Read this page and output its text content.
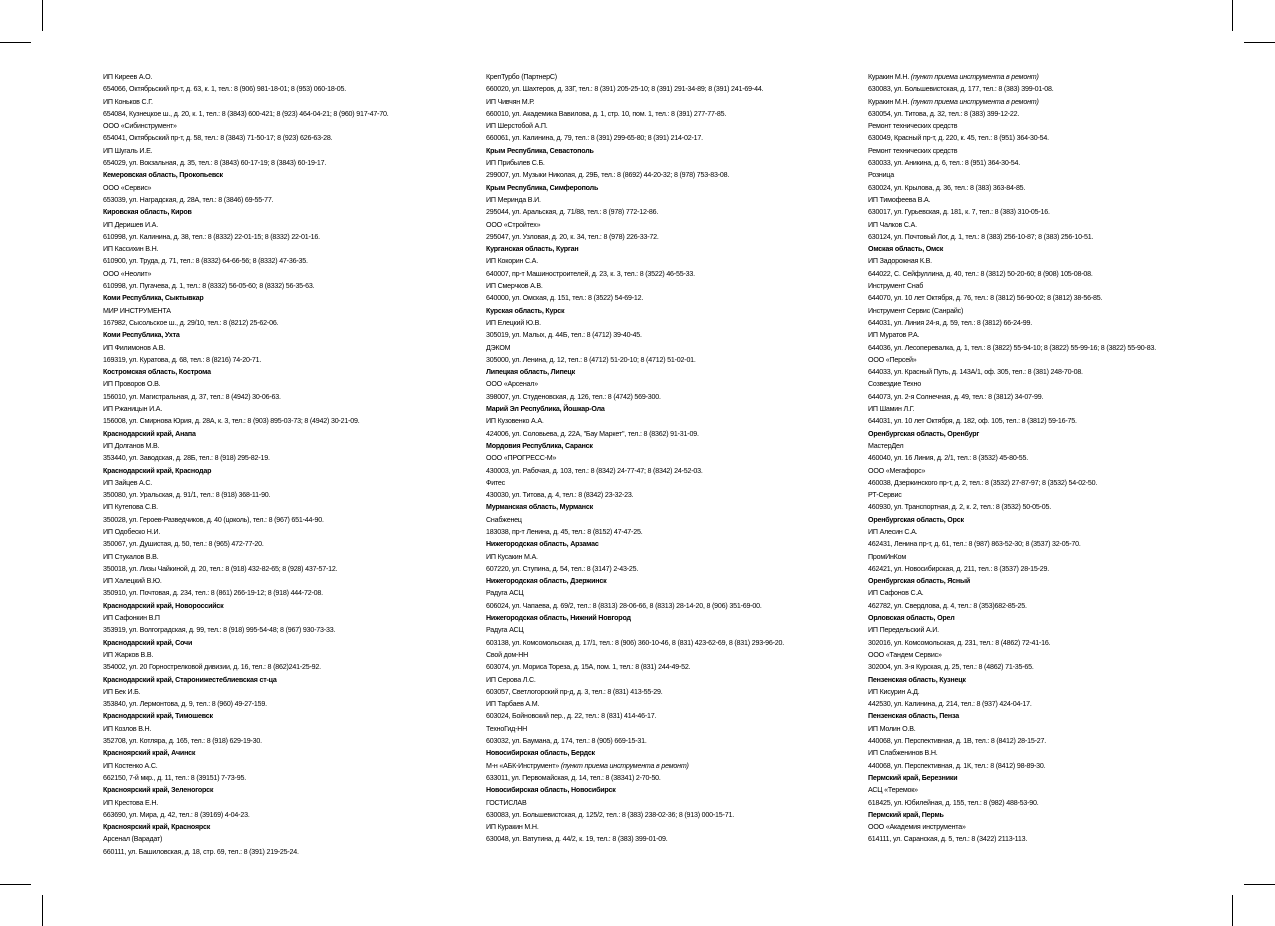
ИП Киреев А.О.
654066, Октябрьский пр-т, д. 63, к. 1, тел.: 8 (906) 981-18-01; 8 (953) 060-18-05.
ИП Коньков С.Г.
654084, Кузнецкое ш., д. 20, к. 1, тел.: 8 (3843) 600-421; 8 (923) 464-04-21; 8 (960) 917-47-70.
ООО «Сибинструмент»
654041, Октябрьский пр-т, д. 58, тел.: 8 (3843) 71-50-17; 8 (923) 626-63-28.
ИП Шугаль И.Е.
654029, ул. Вокзальная, д. 35, тел.: 8 (3843) 60-17-19; 8 (3843) 60-19-17.
Кемеровская область, Прокопьевск
ООО «Сервис»
653039, ул. Наградская, д. 28А, тел.: 8 (3846) 69-55-77.
Кировская область, Киров
ИП Деришев И.А.
610998, ул. Калинина, д. 38, тел.: 8 (8332) 22-01-15; 8 (8332) 22-01-16.
ИП Кассихин В.Н.
610900, ул. Труда, д. 71, тел.: 8 (8332) 64-66-56; 8 (8332) 47-36-35.
ООО «Неолит»
610998, ул. Пугачева, д. 1, тел.: 8 (8332) 56-05-60; 8 (8332) 56-35-63.
Коми Республика, Сыктывкар
МИР ИНСТРУМЕНТА
167982, Сысольское ш., д. 29/10, тел.: 8 (8212) 25-62-06.
Коми Республика, Ухта
ИП Филимонов А.В.
169319, ул. Куратова, д. 68, тел.: 8 (8216) 74-20-71.
Костромская область, Кострома
ИП Проворов О.В.
156010, ул. Магистральная, д. 37, тел.: 8 (4942) 30-06-63.
ИП Ржаницын И.А.
156008, ул. Смирнова Юрия, д. 28А, к. 3, тел.: 8 (903) 895-03-73; 8 (4942) 30-21-09.
Краснодарский край, Анапа
ИП Долганов М.В.
353440, ул. Заводская, д. 28Б, тел.: 8 (918) 295-82-19.
Краснодарский край, Краснодар
ИП Зайцев А.С.
350080, ул. Уральская, д. 91/1, тел.: 8 (918) 368-11-90.
ИП Кутепова С.В.
350028, ул. Героев-Разведчиков, д. 40 (цоколь), тел.: 8 (967) 651-44-90.
ИП Одобеско Н.И.
350067, ул. Душистая, д. 50, тел.: 8 (965) 472-77-20.
ИП Стукалов В.В.
350018, ул. Лизы Чайкиной, д. 20, тел.: 8 (918) 432-82-65; 8 (928) 437-57-12.
ИП Халецкий В.Ю.
350910, ул. Почтовая, д. 234, тел.: 8 (861) 266-19-12; 8 (918) 444-72-08.
Краснодарский край, Новороссийск
ИП Сафонкин В.П
353919, ул. Волгоградская, д. 99, тел.: 8 (918) 995-54-48; 8 (967) 930-73-33.
Краснодарский край, Сочи
ИП Жарков В.В.
354002, ул. 20 Горнострелковой дивизии, д. 16, тел.: 8 (862)241-25-92.
Краснодарский край, Старонижестеблиевская ст-ца
ИП Бек И.Б.
353840, ул. Лермонтова, д. 9, тел.: 8 (960) 49-27-159.
Краснодарский край, Тимошевск
ИП Козлов В.Н.
352708, ул. Котляра, д. 165, тел.: 8 (918) 629-19-30.
Красноярский край, Ачинск
ИП Костенко А.С.
662150, 7-й мкр., д. 11, тел.: 8 (39151) 7-73-95.
Красноярский край, Зеленогорск
ИП Крестова Е.Н.
663690, ул. Мира, д. 42, тел.: 8 (39169) 4-04-23.
Красноярский край, Красноярск
Арсенал (Варадат)
660111, ул. Башиловская, д. 18, стр. 69, тел.: 8 (391) 219-25-24.
КрепТурбо (ПартнерС)
660020, ул. Шахтеров, д. 33Г, тел.: 8 (391) 205-25-10; 8 (391) 291-34-89; 8 (391) 241-69-44.
ИП Чивчян М.Р.
660010, ул. Академика Вавилова, д. 1, стр. 10, пом. 1, тел.: 8 (391) 277-77-85.
ИП Шерстобой А.П.
660061, ул. Калинина, д. 79, тел.: 8 (391) 299-65-80; 8 (391) 214-02-17.
Крым Республика, Севастополь
ИП Прибылев С.Б.
299007, ул. Музыки Николая, д. 29Б, тел.: 8 (8692) 44-20-32; 8 (978) 753-83-08.
Крым Республика, Симферополь
ИП Меринда В.И.
295044, ул. Аральская, д. 71/88, тел.: 8 (978) 772-12-86.
ООО «Стройтех»
295047, ул. Узловая, д. 20, к. 34, тел.: 8 (978) 226-33-72.
Курганская область, Курган
ИП Кокорин С.А.
640007, пр-т Машиностроителей, д. 23, к. 3, тел.: 8 (3522) 46-55-33.
ИП Смерчков А.В.
640000, ул. Омская, д. 151, тел.: 8 (3522) 54-69-12.
Курская область, Курск
ИП Елецкий Ю.В.
305019, ул. Малых, д. 44Б, тел.: 8 (4712) 39-40-45.
ДЭКОМ
305000, ул. Ленина, д. 12, тел.: 8 (4712) 51-20-10; 8 (4712) 51-02-01.
Липецкая область, Липецк
ООО «Арсенал»
398007, ул. Студеновская, д. 126, тел.: 8 (4742) 569-300.
Марий Эл Республика, Йошкар-Ола
ИП Кузовенко А.А.
424006, ул. Соловьева, д. 22А, "Бау Маркет", тел.: 8 (8362) 91-31-09.
Мордовия Республика, Саранск
ООО «ПРОГРЕСС-М»
430003, ул. Рабочая, д. 103, тел.: 8 (8342) 24-77-47; 8 (8342) 24-52-03.
Фитес
430030, ул. Титова, д. 4, тел.: 8 (8342) 23-32-23.
Мурманская область, Мурманск
Снабженец
183038, пр-т Ленина, д. 45, тел.: 8 (8152) 47-47-25.
Нижегородская область, Арзамас
ИП Кусакин М.А.
607220, ул. Ступина, д. 54, тел.: 8 (3147) 2-43-25.
Нижегородская область, Дзержинск
Радуга АСЦ
606024, ул. Чапаева, д. 69/2, тел.: 8 (8313) 28-06-66, 8 (8313) 28-14-20, 8 (906) 351-69-00.
Нижегородская область, Нижний Новгород
Радуга АСЦ
603138, ул. Комсомольская, д. 17/1, тел.: 8 (906) 360-10-46, 8 (831) 423-62-69, 8 (831) 293-96-20.
Свой дом-НН
603074, ул. Мориса Тореза, д. 15А, пом. 1, тел.: 8 (831) 244-49-52.
ИП Серова Л.С.
603057, Светлогорский пр-д, д. 3, тел.: 8 (831) 413-55-29.
ИП Тарбаев А.М.
603024, Бойновский пер., д. 22, тел.: 8 (831) 414-46-17.
ТехноГид-НН
603032, ул. Баумана, д. 174, тел.: 8 (905) 669-15-31.
Новосибирская область, Бердск
М-н «АБК-Инструмент» (пункт приема инструмента в ремонт)
633011, ул. Первомайская, д. 14, тел.: 8 (38341) 2-70-50.
Новосибирская область, Новосибирск
ГОСТИСЛАВ
630083, ул. Большевистская, д. 125/2, тел.: 8 (383) 238-02-36; 8 (913) 000-15-71.
ИП Куракин М.Н.
630048, ул. Ватутина, д. 44/2, к. 19, тел.: 8 (383) 399-01-09.
Куракин М.Н. (пункт приема инструмента в ремонт)
630083, ул. Большевистская, д. 177, тел.: 8 (383) 399-01-08.
Куракин М.Н. (пункт приема инструмента в ремонт)
630054, ул. Титова, д. 32, тел.: 8 (383) 399-12-22.
Ремонт технических средств
630049, Красный пр-т, д. 220, к. 45, тел.: 8 (951) 364-30-54.
Ремонт технических средств
630033, ул. Аникина, д. 6, тел.: 8 (951) 364-30-54.
Розница
630024, ул. Крылова, д. 36, тел.: 8 (383) 363-84-85.
ИП Тимофеева В.А.
630017, ул. Гурьевская, д. 181, к. 7, тел.: 8 (383) 310-05-16.
ИП Чалков С.А.
630124, ул. Почтовый Лог, д. 1, тел.: 8 (383) 256-10-87; 8 (383) 256-10-51.
Омская область, Омск
ИП Задорожная К.В.
644022, С. Сейфуллина, д. 40, тел.: 8 (3812) 50-20-60; 8 (908) 105-08-08.
Инструмент Снаб
644070, ул. 10 лет Октября, д. 76, тел.: 8 (3812) 56-90-02; 8 (3812) 38-56-85.
Инструмент Сервис (Санрайс)
644031, ул. Линия 24-я, д. 59, тел.: 8 (3812) 66-24-99.
ИП Муратов Р.А.
644036, ул. Лесоперевалка, д. 1, тел.: 8 (3822) 55-94-10; 8 (3822) 55-99-16; 8 (3822) 55-90-83.
ООО «Персей»
644033, ул. Красный Путь, д. 143А/1, оф. 305, тел.: 8 (381) 248-70-08.
Созвездие Техно
644073, ул. 2-я Солнечная, д. 49, тел.: 8 (3812) 34-07-99.
ИП Шамин Л.Г.
644031, ул. 10 лет Октября, д. 182, оф. 105, тел.: 8 (3812) 59-16-75.
Оренбургская область, Оренбург
МастерДел
460040, ул. 16 Линия, д. 2/1, тел.: 8 (3532) 45-80-55.
ООО «Мегафорс»
460038, Дзержинского пр-т, д. 2, тел.: 8 (3532) 27-87-97; 8 (3532) 54-02-50.
РТ-Сервис
460930, ул. Транспортная, д. 2, к. 2, тел.: 8 (3532) 50-05-05.
Оренбургская область, Орск
ИП Алесин С.А.
462431, Ленина пр-т, д. 61, тел.: 8 (987) 863-52-30; 8 (3537) 32-05-70.
ПромИнКом
462421, ул. Новосибирская, д. 211, тел.: 8 (3537) 28-15-29.
Оренбургская область, Ясный
ИП Сафонов С.А.
462782, ул. Свердлова, д. 4, тел.: 8 (353)682-85-25.
Орловская область, Орел
ИП Передельский А.И.
302016, ул. Комсомольская, д. 231, тел.: 8 (4862) 72-41-16.
ООО «Тандем Сервис»
302004, ул. 3-я Курская, д. 25, тел.: 8 (4862) 71-35-65.
Пензенская область, Кузнецк
ИП Кисурин А.Д.
442530, ул. Калинина, д. 214, тел.: 8 (937) 424-04-17.
Пензенская область, Пенза
ИП Молин О.В.
440068, ул. Перспективная, д. 1В, тел.: 8 (8412) 28-15-27.
ИП Слабженинов В.Н.
440068, ул. Перспективная, д. 1К, тел.: 8 (8412) 98-89-30.
Пермский край, Березники
АСЦ «Теремок»
618425, ул. Юбилейная, д. 155, тел.: 8 (982) 488-53-90.
Пермский край, Пермь
ООО «Академия инструмента»
614111, ул. Саранская, д. 5, тел.: 8 (3422) 2113-113.
